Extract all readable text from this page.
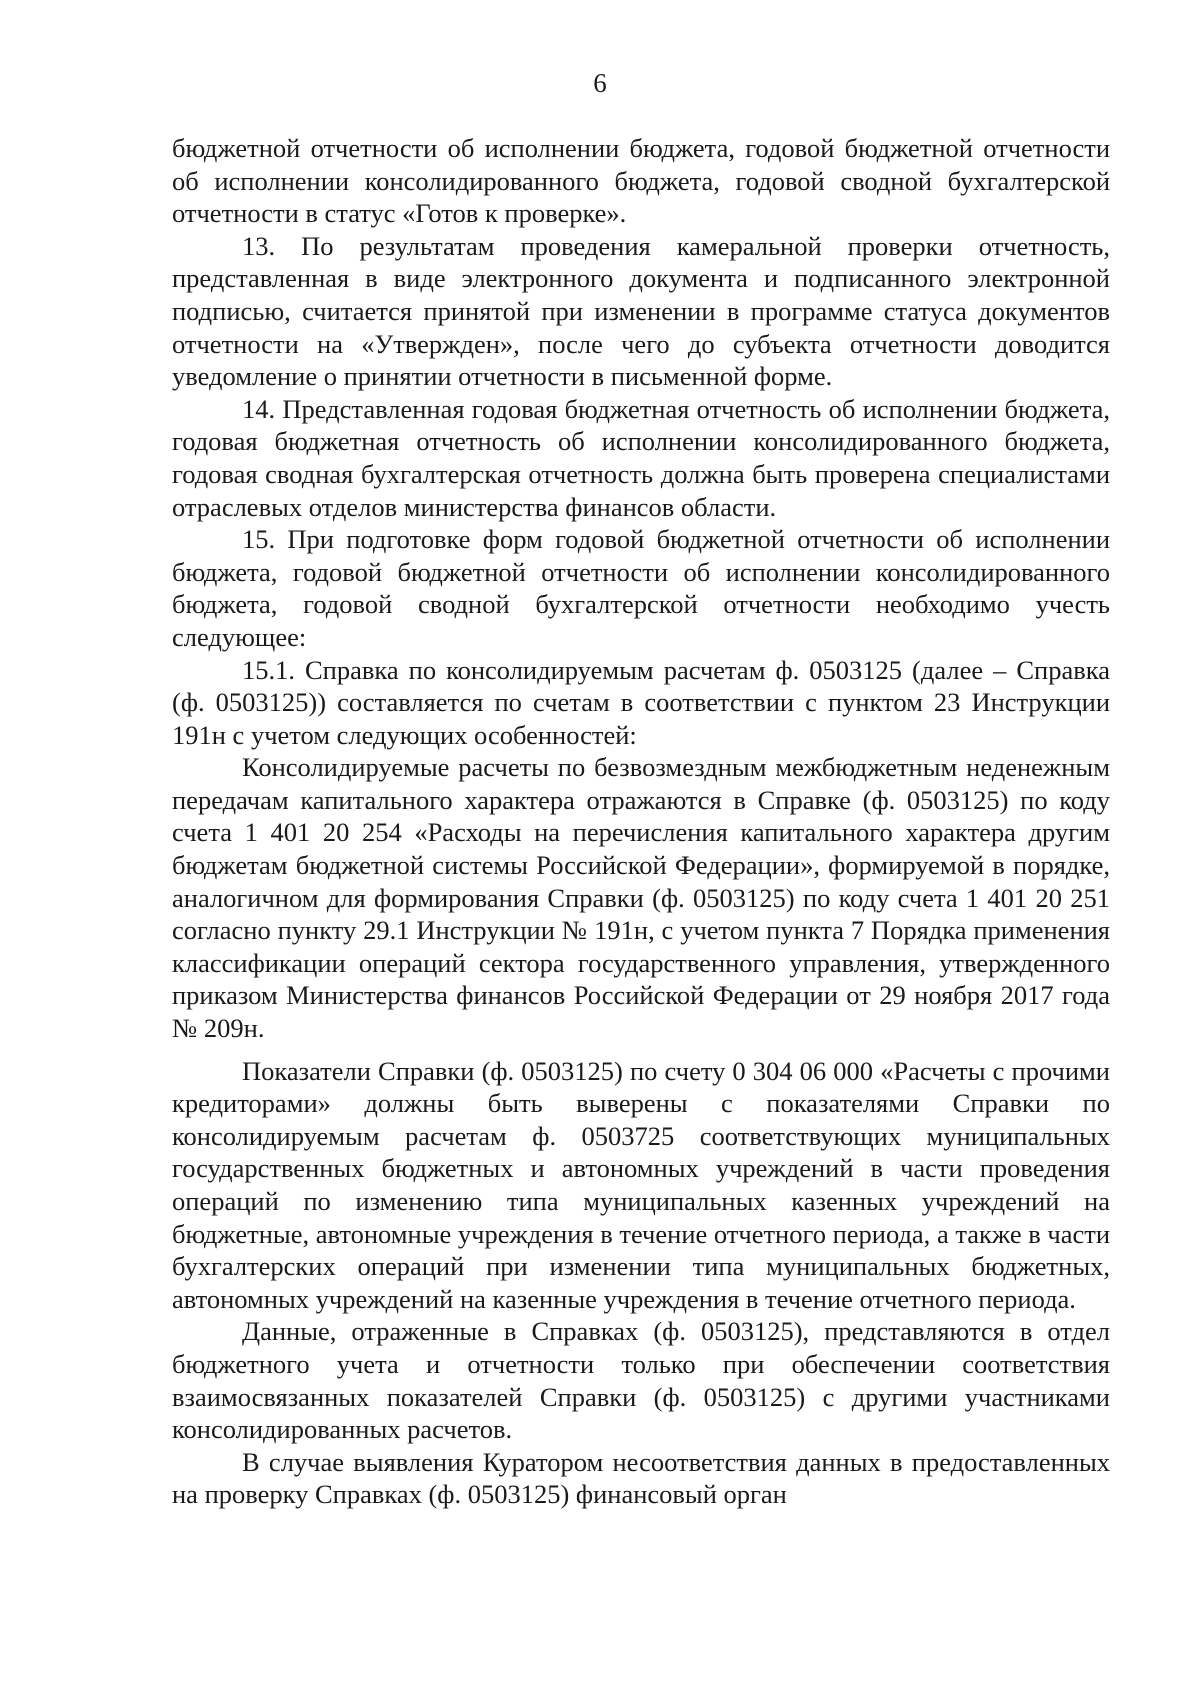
6

бюджетной отчетности об исполнении бюджета, годовой бюджетной отчетности об исполнении консолидированного бюджета, годовой сводной бухгалтерской отчетности в статус «Готов к проверке».

13. По результатам проведения камеральной проверки отчетность, представленная в виде электронного документа и подписанного электронной подписью, считается принятой при изменении в программе статуса документов отчетности на «Утвержден», после чего до субъекта отчетности доводится уведомление о принятии отчетности в письменной форме.

14. Представленная годовая бюджетная отчетность об исполнении бюджета, годовая бюджетная отчетность об исполнении консолидированного бюджета, годовая сводная бухгалтерская отчетность должна быть проверена специалистами отраслевых отделов министерства финансов области.

15. При подготовке форм годовой бюджетной отчетности об исполнении бюджета, годовой бюджетной отчетности об исполнении консолидированного бюджета, годовой сводной бухгалтерской отчетности необходимо учесть следующее:

15.1. Справка по консолидируемым расчетам ф. 0503125 (далее – Справка (ф. 0503125)) составляется по счетам в соответствии с пунктом 23 Инструкции 191н с учетом следующих особенностей:

Консолидируемые расчеты по безвозмездным межбюджетным неденежным передачам капитального характера отражаются в Справке (ф. 0503125) по коду счета 1 401 20 254 «Расходы на перечисления капитального характера другим бюджетам бюджетной системы Российской Федерации», формируемой в порядке, аналогичном для формирования Справки (ф. 0503125) по коду счета 1 401 20 251 согласно пункту 29.1 Инструкции № 191н, с учетом пункта 7 Порядка применения классификации операций сектора государственного управления, утвержденного приказом Министерства финансов Российской Федерации от 29 ноября 2017 года № 209н.

Показатели Справки (ф. 0503125) по счету 0 304 06 000 «Расчеты с прочими кредиторами» должны быть выверены с показателями Справки по консолидируемым расчетам ф. 0503725 соответствующих муниципальных государственных бюджетных и автономных учреждений в части проведения операций по изменению типа муниципальных казенных учреждений на бюджетные, автономные учреждения в течение отчетного периода, а также в части бухгалтерских операций при изменении типа муниципальных бюджетных, автономных учреждений на казенные учреждения в течение отчетного периода.

Данные, отраженные в Справках (ф. 0503125), представляются в отдел бюджетного учета и отчетности только при обеспечении соответствия взаимосвязанных показателей Справки (ф. 0503125) с другими участниками консолидированных расчетов.

В случае выявления Куратором несоответствия данных в предоставленных на проверку Справках (ф. 0503125) финансовый орган
